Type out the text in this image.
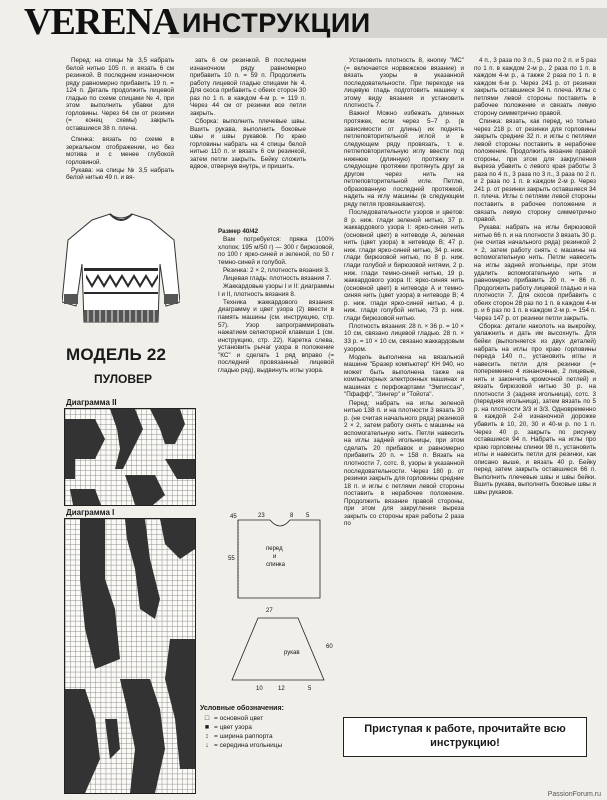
VERENA ИНСТРУКЦИИ

Перед: на спицы № 3,5 набрать белой нитью 105 п. и вязать 6 см резинкой. В последнем изнаночном ряду равномерно прибавить 19 п. = 124 п. Деталь продолжить лицевой гладью по схеме спицами № 4, при этом выполнить убавки для горловины. Через 64 см от резинки (= конец схемы) закрыть оставшиеся 38 п. плеча.

Спинка: вязать по схеме в зеркальном отображении, но без мотива и с менее глубокой горловиной.

Рукава: на спицы № 3,5 набрать белой нитью 49 п. и вя-

МОДЕЛЬ 22
ПУЛОВЕР

зать 6 см резинкой. В последнем изнаночном ряду равномерно прибавить 10 п. = 59 п. Продолжить работу лицевой гладью спицами № 4. Для скоса прибавить с обеих сторон 30 раз по 1 п. в каждом 4-м р. = 119 п. Через 44 см от резинки все петли закрыть.

Сборка: выполнить плечевые швы. Вшить рукава, выполнить боковые швы и швы рукавов. По краю горловины набрать на 4 спицы белой нитью 110 п. и вязать 6 см резинкой, затем петли закрыть. Бейку сложить вдвое, отвернув внутрь, и пришить.

Размер 40/42

Вам потребуется: пряжа (100% хлопок; 195 м/50 г) — 300 г бирюзовой, по 100 г ярко-синей и зеленой, по 50 г темно-синей и голубой.

Резинка: 2 × 2, плотность вязания 3.

Лицевая гладь: плотность вязания 7.

Жаккардовые узоры I и II: диаграммы I и II, плотность вязания 8.

Техника жаккардового вязания: диаграмму и цвет узора (2) ввести в память машины (см. инструкцию, стр. 57). Узор запрограммировать нажатием селекторной клавиши 1 (см. инструкцию, стр. 22). Каретка слева, установить рычаг узора в положение "КС" и сделать 1 ряд вправо (= последний провязанный лицевой гладью ряд), выдвинуть иглы узора.

Установить плотность 8, кнопку "МС" (= включается норвежское вязание) и вязать узоры в указанной последовательности. При переходе на лицевую гладь подготовить машину к этому виду вязания и установить плотность 7.

Важно! Можно избежать длинных протяжек, если через 5–7 р. (в зависимости от длины) их поднять петлеповторительной иглой и в следующем ряду провязать, т. е. петлеповторительную иглу ввести под нижнюю (длинную) протяжку и следующие протяжки протянуть друг за другом через нить на петлеповторительной игле. Петлю, образованную последней протяжкой, надеть на иглу машины (в следующем ряду петля провязывается).

Последовательности узоров и цветов: 8 р. ниж. глади зеленой нитью, 37 р. жаккардового узора I: ярко-синяя нить (основной цвет) в нитеводе А, зеленая нить (цвет узора) в нитеводе В; 47 р. ниж. глади ярко-синей нитью, 34 р. ниж. глади бирюзовой нитью, по 8 р. ниж. глади голубой и бирюзовой нитями, 2 р. ниж. глади темно-синей нитью, 19 р. жаккардового узора II: ярко-синяя нить (основной цвет) в нитеводе А и темно-синяя нить (цвет узора) в нитеводе В; 4 р. ниж. глади ярко-синей нитью, 4 р. ниж. глади голубой нитью, 73 р. ниж. глади бирюзовой нитью.

Плотность вязания: 28 п. × 36 р. = 10 × 10 см, связано лицевой гладью. 28 п. × 33 р. = 10 × 10 см, связано жаккардовым узором.

Модель выполнена на вязальной машине "Бразер компьютер" КН 940, но может быть выполнена также на компьютерных электронных машинах и машинах с перфокартами "Эмписсан", "Пфафф", "Зингер" и "Тойота".

Перед: набрать на иглы зеленой нитью 138 п. и на плотности 3 вязать 30 р. (не считая начального ряда) резинкой 2 × 2, затем работу снять с машины на вспомогательную нить. Петли навесить на иглы задней игольницы, при этом сделать 20 прибавок и равномерно прибавить 20 п. = 158 п. Вязать на плотности 7, сотс. 8, узоры в указанной последовательности. Через 180 р. от резинки закрыть для горловины средние 18 п. и иглы с петлями левой стороны поставить в нерабочее положение. Продолжить вязание правой стороны, при этом для закругления выреза закрыть со стороны края работы 2 раза по

4 п., 3 раза по 3 п., 5 раз по 2 п. и 5 раз по 1 п. в каждом 2-м р., 2 раза по 1 п. в каждом 4-м р., а также 2 раза по 1 п. в каждом 6-м р. Через 241 р. от резинки закрыть оставшиеся 34 п. плеча. Иглы с петлями левой стороны поставить в рабочее положение и связать левую сторону симметрично правой.

Спинка: вязать, как перед, но только через 218 р. от резинки для горловины закрыть средние 32 п. и иглы с петлями левой стороны поставить в нерабочее положение. Продолжить вязание правой стороны, при этом для закругления выреза убавить с левого края работы 3 раза по 4 п., 3 раза по 3 п., 3 раза по 2 п. и 2 раза по 1 п. в каждом 2-м р. Через 241 р. от резинки закрыть оставшиеся 34 п. плеча. Иглы с петлями левой стороны поставить в рабочее положение и связать левую сторону симметрично правой.

Рукава: набрать на иглы бирюзовой нитью 66 п. и на плотности 3 вязать 30 р. (не считая начального ряда) резинкой 2 × 2, затем работу снять с машины на вспомогательную нить. Петли навесить на иглы задней игольницы, при этом удалить вспомогательную нить и равномерно прибавить 20 п. = 86 п. Продолжить работу лицевой гладью и на плотности 7. Для скосов прибавить с обеих сторон 28 раз по 1 п. в каждом 4-м р. и 6 раз по 1 п. в каждом 2-м р. = 154 п. Через 147 р. от резинки петли закрыть.

Сборка: детали наколоть на выкройку, увлажнить и дать им высохнуть. Для бейки (выполняется из двух деталей) набрать на иглы про краю горловины переда 140 п., установить иглы и навесить петли для резинки (= попеременно 4 изнаночные, 2 лицевые, нить и закончить кромочной петлей) и вязать бирюзовой нитью 30 р. на плотности 3 (задняя игольница), сотс. 3 (передняя игольница), затем вязать по 5 р. на плотности 3/3 и 3/3. Одновременно в каждой 2-й изнаночной дорожке убавить в 10, 20, 30 и 40-м р. по 1 п. Через 40 р. закрыть по рисунку оставшиеся 94 п. Набрать на иглы про краю горловины спинки 98 п., установить иглы и навесить петли для резинки, как описано выше, и вязать 40 р. Бейку перед затем закрыть оставшиеся 66 п. Выполнить плечевые швы и швы бейки. Вшить рукава, выполнить боковые швы и швы рукавов.

Диаграмма II
Диаграмма I	45	23	8 5
55
перед
и
спинка
27
60
рукав
10	12	5
Условные обозначения:
□ = основной цвет
■ = цвет узора
↕ = ширина раппорта
↓ = середина игольницы
Приступая к работе, прочитайте всю инструкцию!
PassionForum.ru
